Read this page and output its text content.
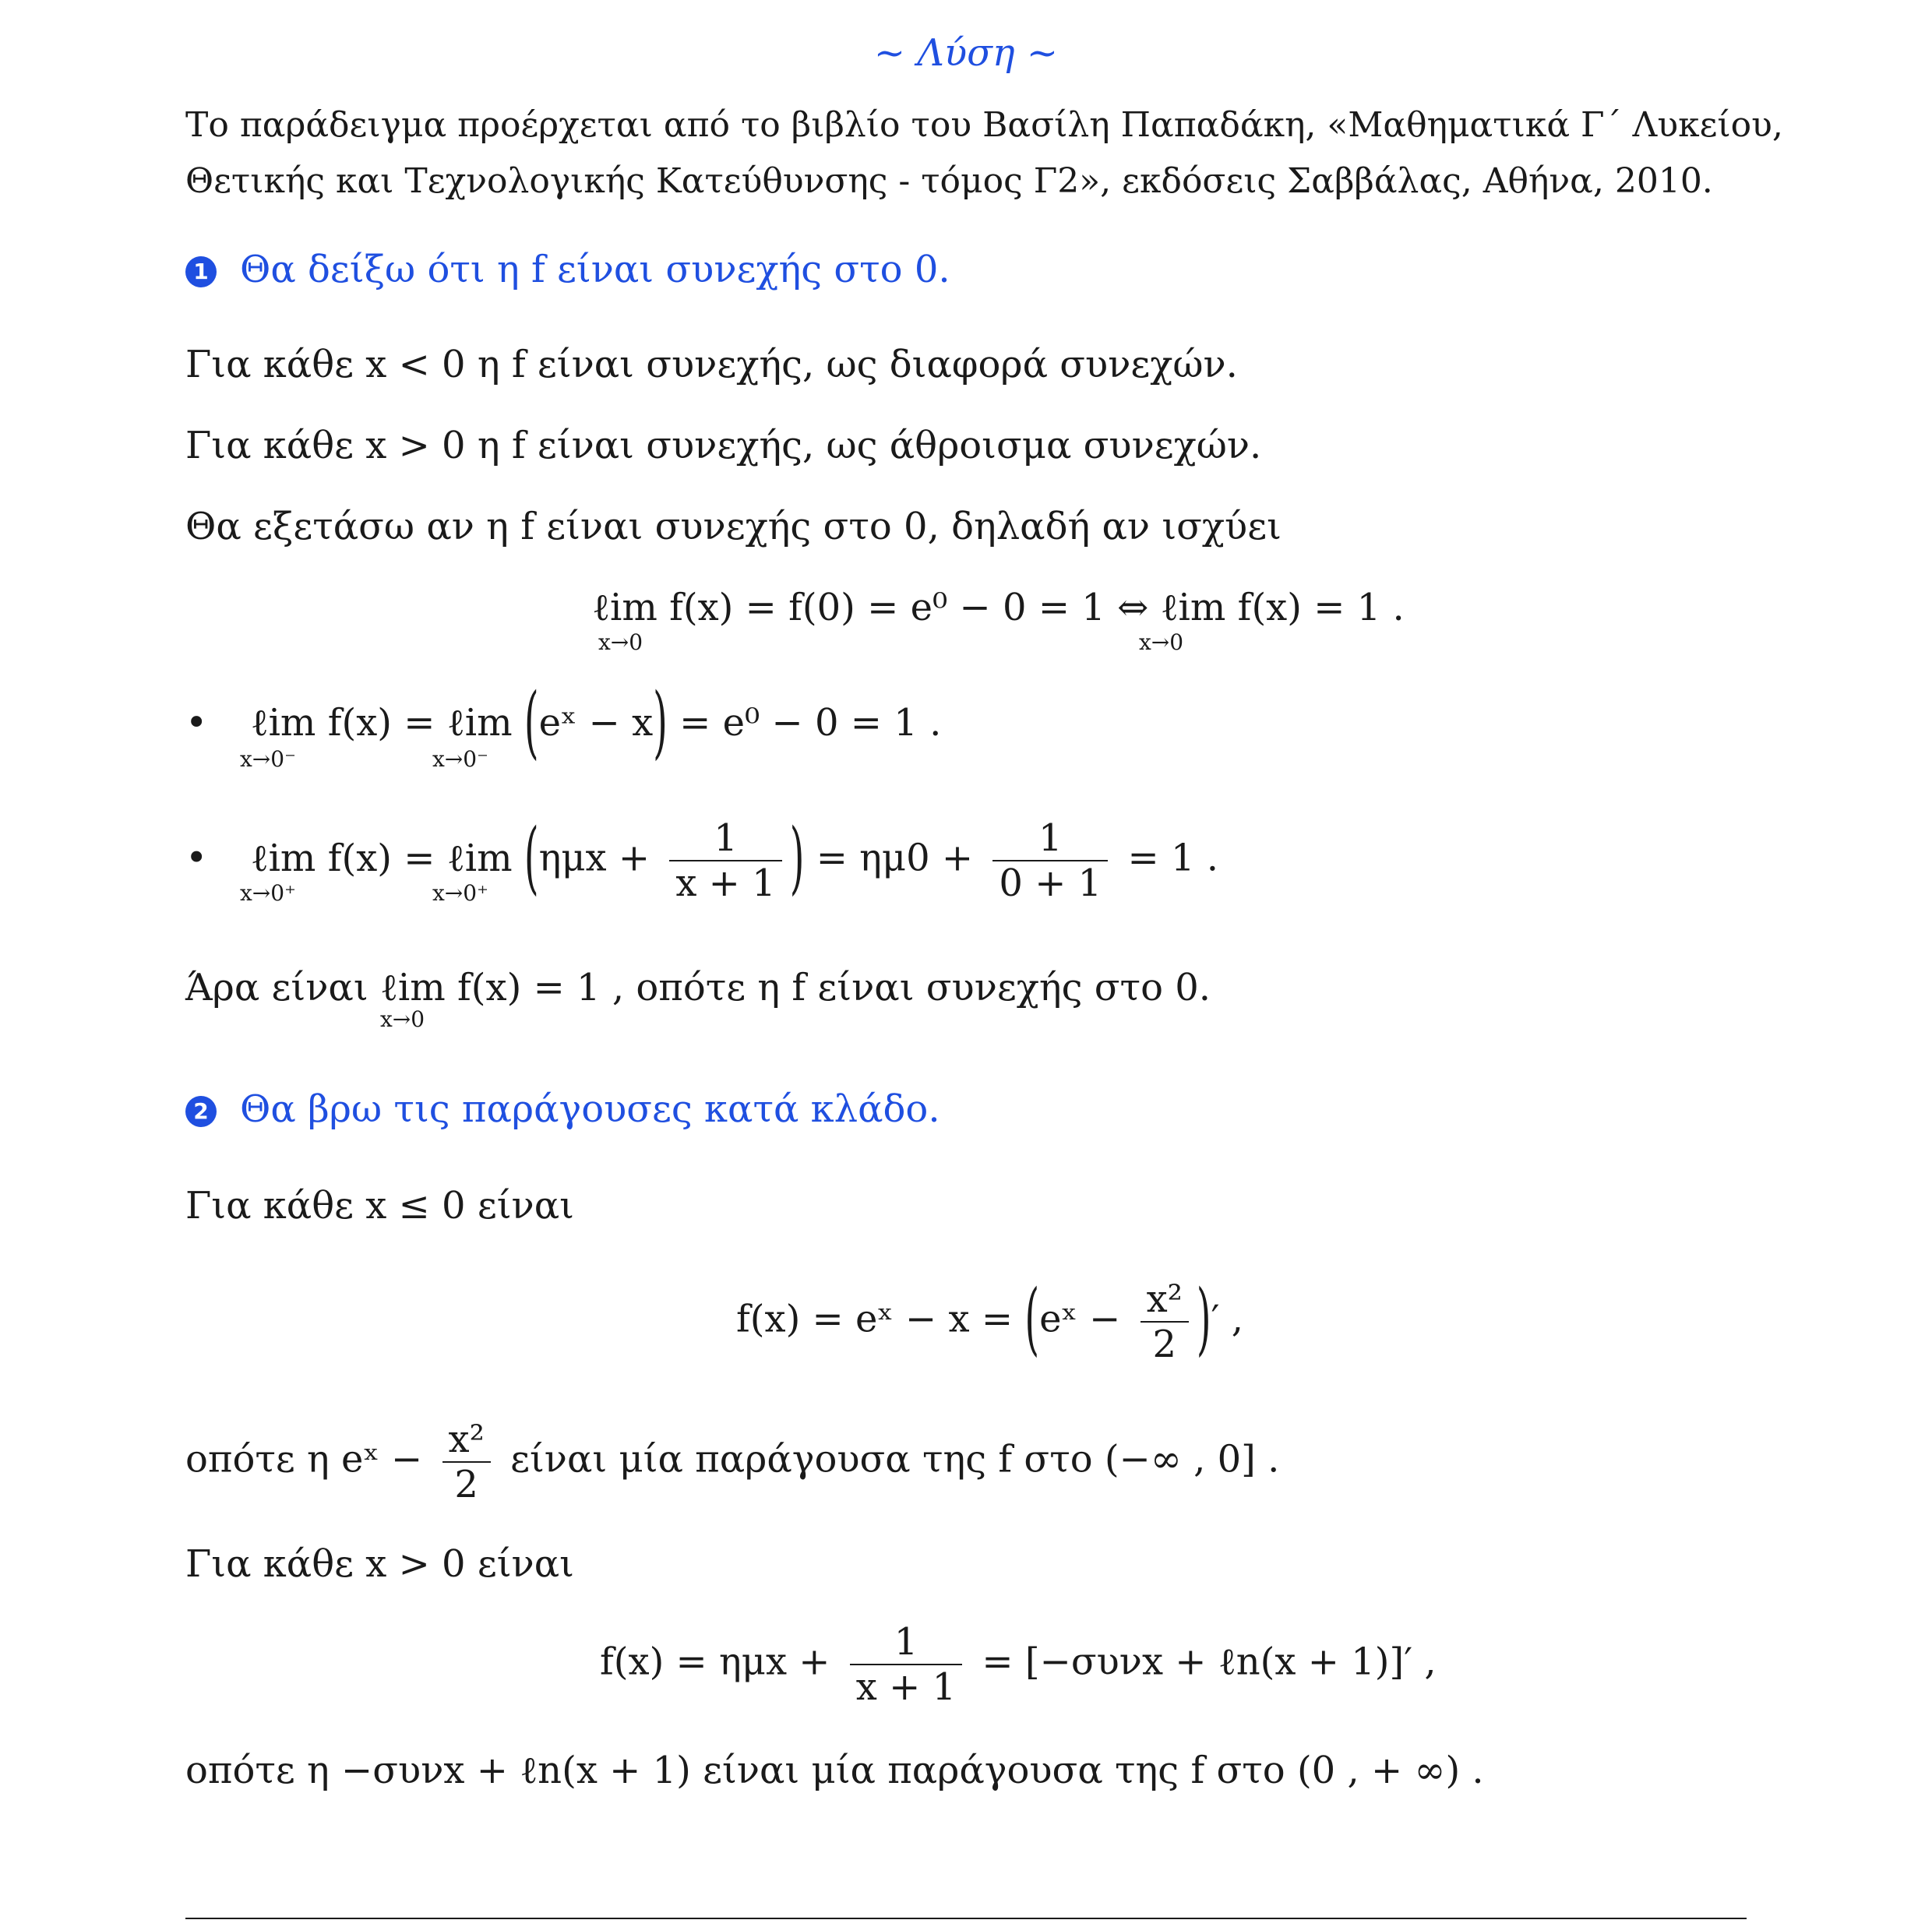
~ Λύση ~
Το παράδειγμα προέρχεται από το βιβλίο του Βασίλη Παπαδάκη, «Μαθηματικά Γ΄ Λυκείου,
Θετικής και Τεχνολογικής Κατεύθυνσης - τόμος Γ2», εκδόσεις Σαββάλας, Αθήνα, 2010.
1 Θα δείξω ότι η f είναι συνεχής στο 0.
Για κάθε x < 0 η f είναι συνεχής, ως διαφορά συνεχών.
Για κάθε x > 0 η f είναι συνεχής, ως άθροισμα συνεχών.
Θα εξετάσω αν η f είναι συνεχής στο 0, δηλαδή αν ισχύει
ℓim f(x) = f(0) = e⁰ − 0 = 1 ⇔ ℓim f(x) = 1 .
x→0	x→0
• ℓim f(x) = ℓim (eˣ − x) = e⁰ − 0 = 1 .
x→0⁻	x→0⁻
• ℓim f(x) = ℓim ($\eta\mu x + \frac{1}{x + 1}$ ) = $\eta\mu 0 + \frac{1}{0 + 1} = 1$ .
x→0⁺	x→0⁺
Άρα είναι ℓim f(x) = 1 , οπότε η f είναι συνεχής στο 0.
x→0
2 Θα βρω τις παράγουσες κατά κλάδο.
Για κάθε x ≤ 0 είναι
f(x) = eˣ − x = (eˣ − $\frac{\text{x²}}{2}$ )′ ,
οπότε η eˣ − $\frac{\text{x²}}{2}$ είναι μία παράγουσα της f στο (−∞ , 0] .
Για κάθε x > 0 είναι
$f(x) = \eta\mu x + \frac{1}{x + 1} = [-\sigma\upsilon\nu x$ + ℓn(x + 1)]′ ,
οπότε η −συνx + ℓn(x + 1) είναι μία παράγουσα της f στο (0 , + ∞) .
